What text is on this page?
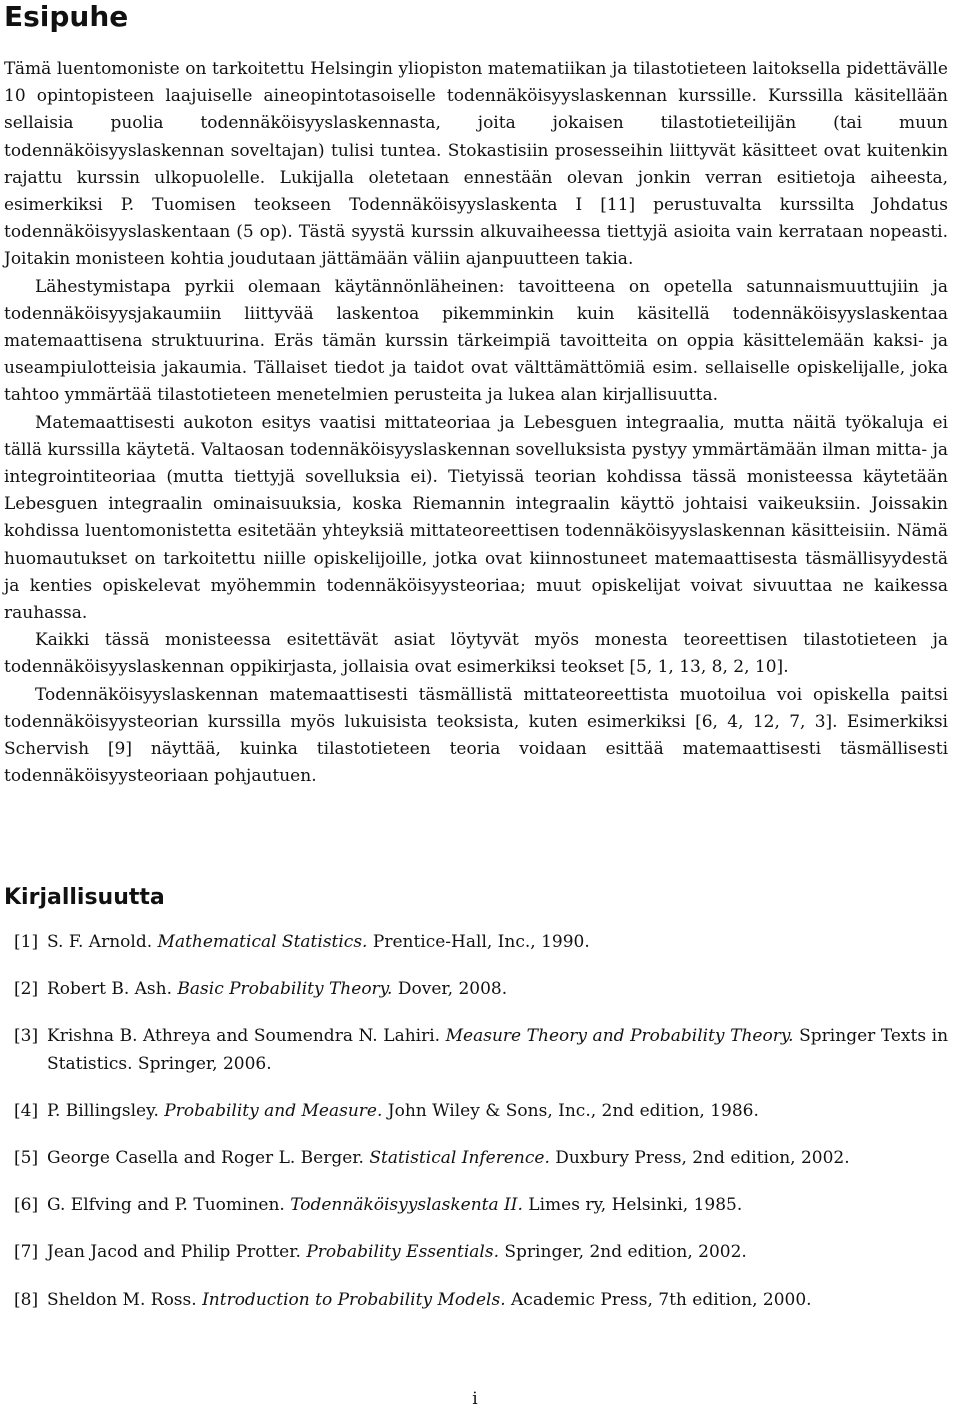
Esipuhe

Tämä luentomoniste on tarkoitettu Helsingin yliopiston matematiikan ja tilastotieteen laitoksella pidettävälle 10 opintopisteen laajuiselle aineopintotasoiselle todennäköisyyslaskennan kurssille. Kurssilla käsitellään sellaisia puolia todennäköisyyslaskennasta, joita jokaisen tilastotieteilijän (tai muun todennäköisyyslaskennan soveltajan) tulisi tuntea. Stokastisiin prosesseihin liittyvät käsitteet ovat kuitenkin rajattu kurssin ulkopuolelle. Lukijalla oletetaan ennestään olevan jonkin verran esitietoja aiheesta, esimerkiksi P. Tuomisen teokseen Todennäköisyyslaskenta I [11] perustuvalta kurssilta Johdatus todennäköisyyslaskentaan (5 op). Tästä syystä kurssin alkuvaiheessa tiettyjä asioita vain kerrataan nopeasti. Joitakin monisteen kohtia joudutaan jättämään väliin ajanpuutteen takia.

Lähestymistapa pyrkii olemaan käytännönläheinen: tavoitteena on opetella satunnaismuuttujiin ja todennäköisyysjakaumiin liittyvää laskentoa pikemminkin kuin käsitellä todennäköisyyslaskentaa matemaattisena struktuurina. Eräs tämän kurssin tärkeimpiä tavoitteita on oppia käsittelemään kaksi- ja useampiulotteisia jakaumia. Tällaiset tiedot ja taidot ovat välttämättömiä esim. sellaiselle opiskelijalle, joka tahtoo ymmärtää tilastotieteen menetelmien perusteita ja lukea alan kirjallisuutta.

Matemaattisesti aukoton esitys vaatisi mittateoriaa ja Lebesguen integraalia, mutta näitä työkaluja ei tällä kurssilla käytetä. Valtaosan todennäköisyyslaskennan sovelluksista pystyy ymmärtämään ilman mitta- ja integrointiteoriaa (mutta tiettyjä sovelluksia ei). Tietyissä teorian kohdissa tässä monisteessa käytetään Lebesguen integraalin ominaisuuksia, koska Riemannin integraalin käyttö johtaisi vaikeuksiin. Joissakin kohdissa luentomonistetta esitetään yhteyksiä mittateoreettisen todennäköisyyslaskennan käsitteisiin. Nämä huomautukset on tarkoitettu niille opiskelijoille, jotka ovat kiinnostuneet matemaattisesta täsmällisyydestä ja kenties opiskelevat myöhemmin todennäköisyysteoriaa; muut opiskelijat voivat sivuuttaa ne kaikessa rauhassa.

Kaikki tässä monisteessa esitettävät asiat löytyvät myös monesta teoreettisen tilastotieteen ja todennäköisyyslaskennan oppikirjasta, jollaisia ovat esimerkiksi teokset [5, 1, 13, 8, 2, 10].

Todennäköisyyslaskennan matemaattisesti täsmällistä mittateoreettista muotoilua voi opiskella paitsi todennäköisyysteorian kurssilla myös lukuisista teoksista, kuten esimerkiksi [6, 4, 12, 7, 3]. Esimerkiksi Schervish [9] näyttää, kuinka tilastotieteen teoria voidaan esittää matemaattisesti täsmällisesti todennäköisyysteoriaan pohjautuen.

Kirjallisuutta
[1] S. F. Arnold. Mathematical Statistics. Prentice-Hall, Inc., 1990.
[2] Robert B. Ash. Basic Probability Theory. Dover, 2008.
[3] Krishna B. Athreya and Soumendra N. Lahiri. Measure Theory and Probability Theory. Springer Texts in Statistics. Springer, 2006.
[4] P. Billingsley. Probability and Measure. John Wiley & Sons, Inc., 2nd edition, 1986.
[5] George Casella and Roger L. Berger. Statistical Inference. Duxbury Press, 2nd edition, 2002.
[6] G. Elfving and P. Tuominen. Todennäköisyyslaskenta II. Limes ry, Helsinki, 1985.
[7] Jean Jacod and Philip Protter. Probability Essentials. Springer, 2nd edition, 2002.
[8] Sheldon M. Ross. Introduction to Probability Models. Academic Press, 7th edition, 2000.
i
